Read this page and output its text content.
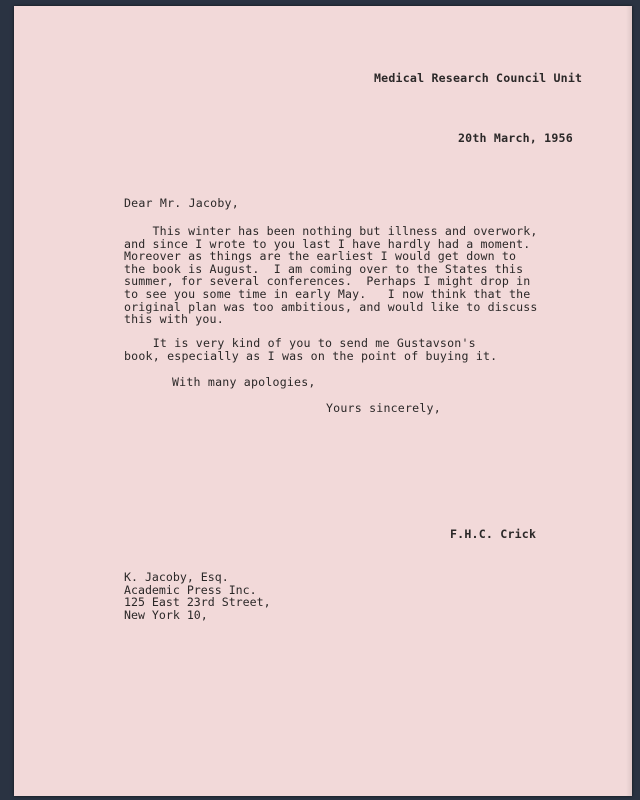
Medical Research Council Unit
20th March, 1956
Dear Mr. Jacoby,
This winter has been nothing but illness and overwork,
and since I wrote to you last I have hardly had a moment.
Moreover as things are the earliest I would get down to
the book is August.  I am coming over to the States this
summer, for several conferences.  Perhaps I might drop in
to see you some time in early May.   I now think that the
original plan was too ambitious, and would like to discuss
this with you.
It is very kind of you to send me Gustavson's
book, especially as I was on the point of buying it.
With many apologies,
Yours sincerely,
F.H.C. Crick
K. Jacoby, Esq.
Academic Press Inc.
125 East 23rd Street,
New York 10,
